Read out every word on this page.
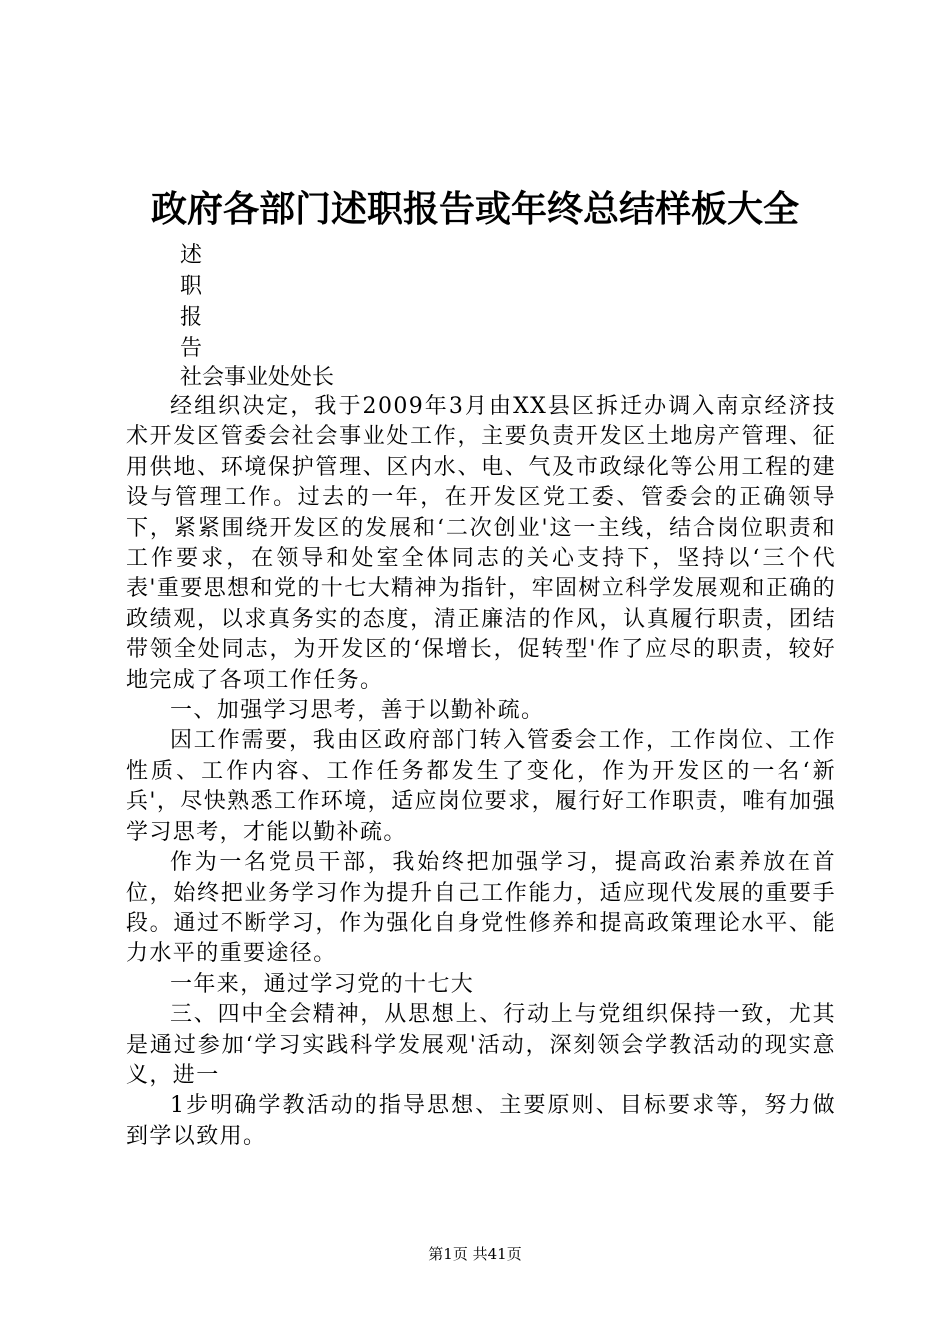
政府各部门述职报告或年终总结样板大全
述
职
报
告
社会事业处处长

经组织决定，我于2009年3月由XX县区拆迁办调入南京经济技术开发区管委会社会事业处工作，主要负责开发区土地房产管理、征用供地、环境保护管理、区内水、电、气及市政绿化等公用工程的建设与管理工作。过去的一年，在开发区党工委、管委会的正确领导下，紧紧围绕开发区的发展和‘二次创业'这一主线，结合岗位职责和工作要求，在领导和处室全体同志的关心支持下，坚持以‘三个代表'重要思想和党的十七大精神为指针，牢固树立科学发展观和正确的政绩观，以求真务实的态度，清正廉洁的作风，认真履行职责，团结带领全处同志，为开发区的‘保增长，促转型'作了应尽的职责，较好地完成了各项工作任务。

一、加强学习思考，善于以勤补疏。

因工作需要，我由区政府部门转入管委会工作，工作岗位、工作性质、工作内容、工作任务都发生了变化，作为开发区的一名‘新兵'，尽快熟悉工作环境，适应岗位要求，履行好工作职责，唯有加强学习思考，才能以勤补疏。

作为一名党员干部，我始终把加强学习，提高政治素养放在首位，始终把业务学习作为提升自己工作能力，适应现代发展的重要手段。通过不断学习，作为强化自身党性修养和提高政策理论水平、能力水平的重要途径。

一年来，通过学习党的十七大

三、四中全会精神，从思想上、行动上与党组织保持一致，尤其是通过参加‘学习实践科学发展观'活动，深刻领会学教活动的现实意义，进一

1步明确学教活动的指导思想、主要原则、目标要求等，努力做到学以致用。

第1页 共41页
